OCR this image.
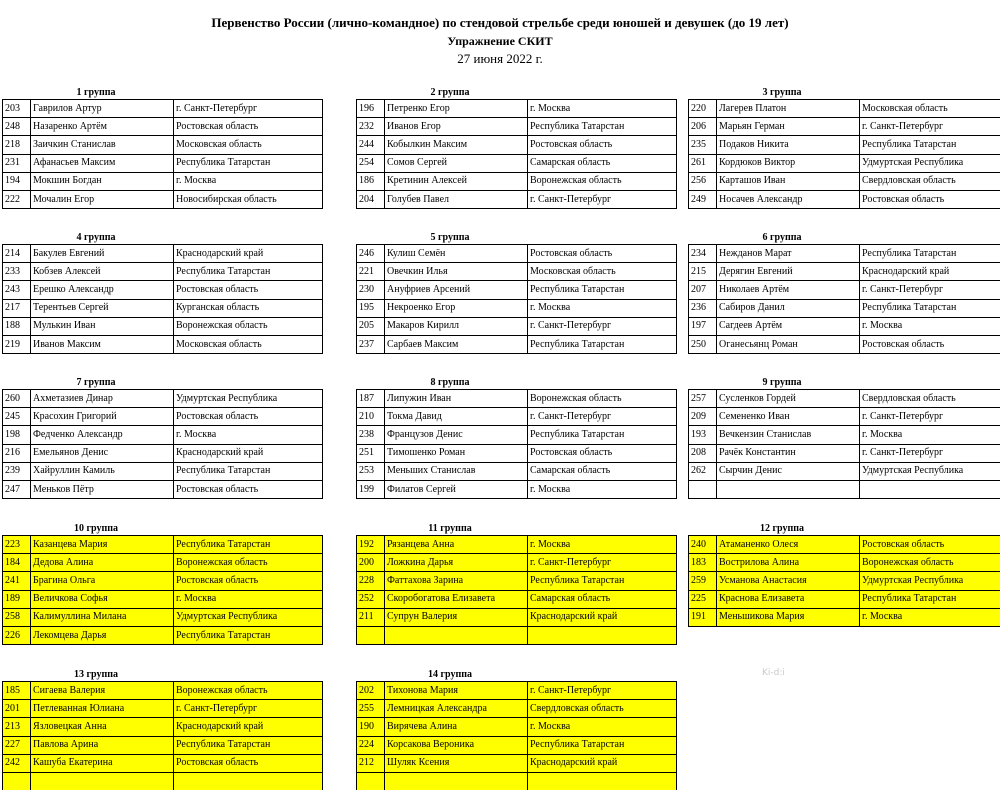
Первенство России (лично-командное) по стендовой стрельбе среди юношей и девушек (до 19 лет)
Упражнение СКИТ
27 июня 2022 г.
1 группа
203	Гаврилов Артур	г. Санкт-Петербург
248	Назаренко Артём	Ростовская область
218	Заичкин Станислав	Московская область
231	Афанасьев Максим	Республика Татарстан
194	Мокшин Богдан	г. Москва
222	Мочалин Егор	Новосибирская область
2 группа
196	Петренко Егор	г. Москва
232	Иванов Егор	Республика Татарстан
244	Кобылкин Максим	Ростовская область
254	Сомов Сергей	Самарская область
186	Кретинин Алексей	Воронежская область
204	Голубев Павел	г. Санкт-Петербург
3 группа
220	Лагерев Платон	Московская область
206	Марьян Герман	г. Санкт-Петербург
235	Подаков Никита	Республика Татарстан
261	Кордюков Виктор	Удмуртская Республика
256	Карташов Иван	Свердловская область
249	Носачев Александр	Ростовская область
4 группа
214	Бакулев Евгений	Краснодарский край
233	Кобзев Алексей	Республика Татарстан
243	Ерешко Александр	Ростовская область
217	Терентьев Сергей	Курганская область
188	Мулькин Иван	Воронежская область
219	Иванов Максим	Московская область
5 группа
246	Кулиш Семён	Ростовская область
221	Овечкин Илья	Московская область
230	Ануфриев Арсений	Республика Татарстан
195	Некроенко Егор	г. Москва
205	Макаров Кирилл	г. Санкт-Петербург
237	Сарбаев Максим	Республика Татарстан
6 группа
234	Нежданов Марат	Республика Татарстан
215	Дерягин Евгений	Краснодарский край
207	Николаев Артём	г. Санкт-Петербург
236	Сабиров Данил	Республика Татарстан
197	Сагдеев Артём	г. Москва
250	Оганесьянц Роман	Ростовская область
7 группа
260	Ахметазиев Динар	Удмуртская Республика
245	Красохин Григорий	Ростовская область
198	Федченко Александр	г. Москва
216	Емельянов Денис	Краснодарский край
239	Хайруллин Камиль	Республика Татарстан
247	Меньков Пётр	Ростовская область
8 группа
187	Липужин Иван	Воронежская область
210	Токма Давид	г. Санкт-Петербург
238	Французов Денис	Республика Татарстан
251	Тимошенко Роман	Ростовская область
253	Меньших Станислав	Самарская область
199	Филатов Сергей	г. Москва
9 группа
257	Сусленков Гордей	Свердловская область
209	Семененко Иван	г. Санкт-Петербург
193	Вечкензин Станислав	г. Москва
208	Рачёк Константин	г. Санкт-Петербург
262	Сырчин Денис	Удмуртская Республика

10 группа
223	Казанцева Мария	Республика Татарстан
184	Дедова Алина	Воронежская область
241	Брагина Ольга	Ростовская область
189	Величкова Софья	г. Москва
258	Калимуллина Милана	Удмуртская Республика
226	Лекомцева Дарья	Республика Татарстан
11 группа
192	Рязанцева Анна	г. Москва
200	Ложкина Дарья	г. Санкт-Петербург
228	Фаттахова Зарина	Республика Татарстан
252	Скоробогатова Елизавета	Самарская область
211	Супрун Валерия	Краснодарский край

12 группа
240	Атаманенко Олеся	Ростовская область
183	Вострилова Алина	Воронежская область
259	Усманова Анастасия	Удмуртская Республика
225	Краснова Елизавета	Республика Татарстан
191	Меньшикова Мария	г. Москва
13 группа
185	Сигаева Валерия	Воронежская область
201	Петлеванная Юлиана	г. Санкт-Петербург
213	Язловецкая Анна	Краснодарский край
227	Павлова Арина	Республика Татарстан
242	Кашуба Екатерина	Ростовская область

14 группа
202	Тихонова Мария	г. Санкт-Петербург
255	Лемницкая Александра	Свердловская область
190	Вирячева Алина	г. Москва
224	Корсакова Вероника	Республика Татарстан
212	Шуляк Ксения	Краснодарский край

Ki-d:i
